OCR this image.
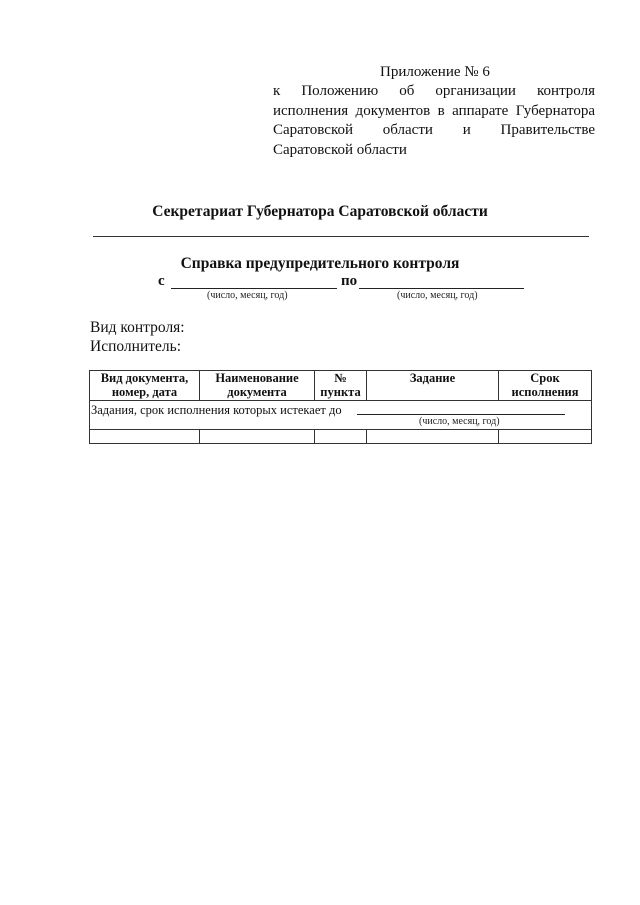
Приложение № 6
к Положению об организации контроля исполнения документов в аппарате Губернатора Саратовской области и Правительстве Саратовской области
Секретариат Губернатора Саратовской области
Справка предупредительного контроля
с
(число, месяц, год)
по
(число, месяц, год)
Вид контроля:
Исполнитель:
Вид документа, номер, дата	Наименование документа	№ пункта	Задание	Срок исполнения

Задания, срок исполнения которых истекает до
(число, месяц, год)				
